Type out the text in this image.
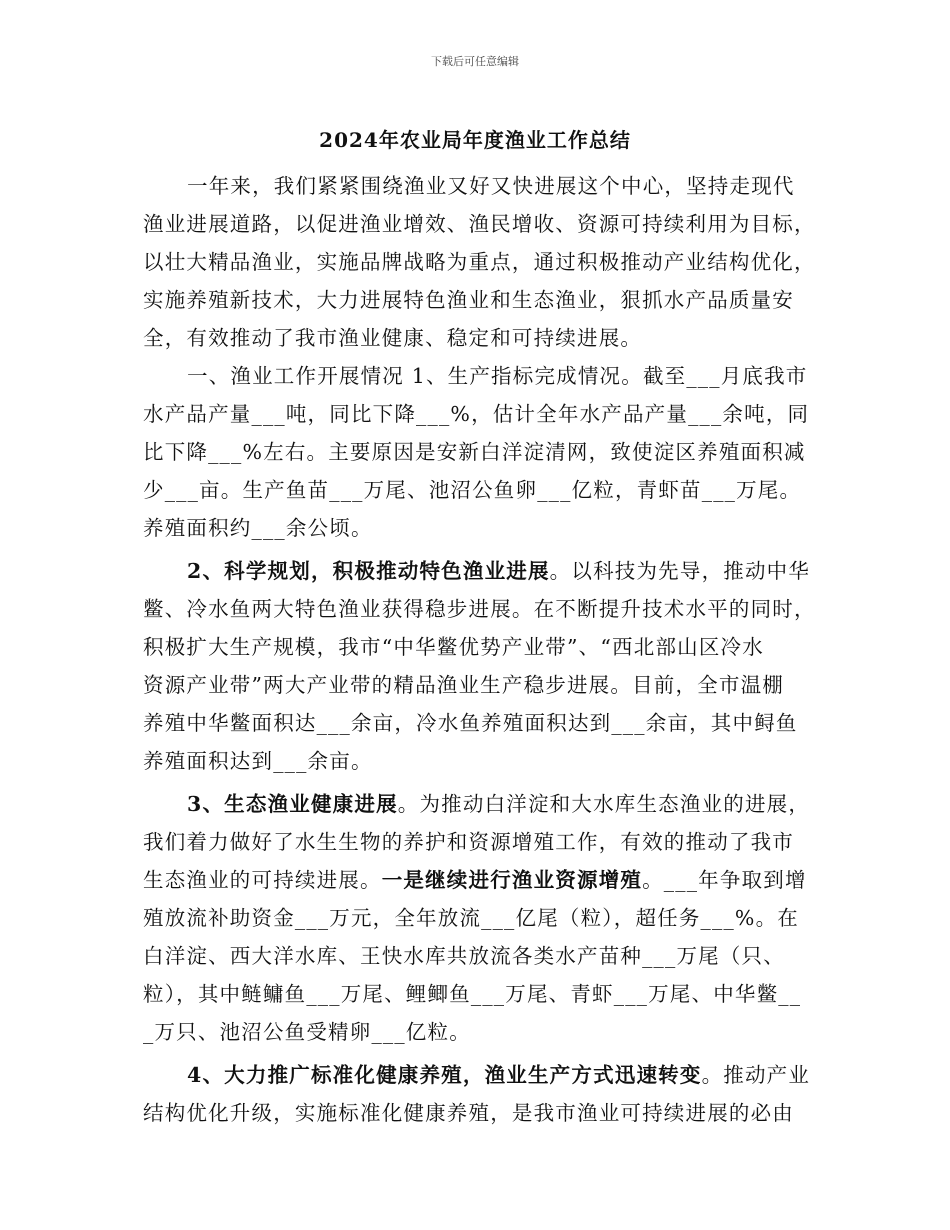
下载后可任意编辑
2024年农业局年度渔业工作总结
一年来，我们紧紧围绕渔业又好又快进展这个中心，坚持走现代
渔业进展道路，以促进渔业增效、渔民增收、资源可持续利用为目标，
以壮大精品渔业，实施品牌战略为重点，通过积极推动产业结构优化，
实施养殖新技术，大力进展特色渔业和生态渔业，狠抓水产品质量安
全，有效推动了我市渔业健康、稳定和可持续进展。
一、渔业工作开展情况 1、生产指标完成情况。截至___月底我市
水产品产量___吨，同比下降___%，估计全年水产品产量___余吨，同
比下降___%左右。主要原因是安新白洋淀清网，致使淀区养殖面积减
少___亩。生产鱼苗___万尾、池沼公鱼卵___亿粒，青虾苗___万尾。
养殖面积约___余公顷。
2、科学规划，积极推动特色渔业进展。以科技为先导，推动中华
鳖、冷水鱼两大特色渔业获得稳步进展。在不断提升技术水平的同时，
积极扩大生产规模，我市“中华鳖优势产业带”、“西北部山区冷水
资源产业带”两大产业带的精品渔业生产稳步进展。目前，全市温棚
养殖中华鳖面积达___余亩，冷水鱼养殖面积达到___余亩，其中鲟鱼
养殖面积达到___余亩。
3、生态渔业健康进展。为推动白洋淀和大水库生态渔业的进展，
我们着力做好了水生生物的养护和资源增殖工作，有效的推动了我市
生态渔业的可持续进展。一是继续进行渔业资源增殖。___年争取到增
殖放流补助资金___万元，全年放流___亿尾（粒），超任务___%。在
白洋淀、西大洋水库、王快水库共放流各类水产苗种___万尾（只、
粒），其中鲢鳙鱼___万尾、鲤鲫鱼___万尾、青虾___万尾、中华鳖__
_万只、池沼公鱼受精卵___亿粒。
4、大力推广标准化健康养殖，渔业生产方式迅速转变。推动产业
结构优化升级，实施标准化健康养殖，是我市渔业可持续进展的必由
